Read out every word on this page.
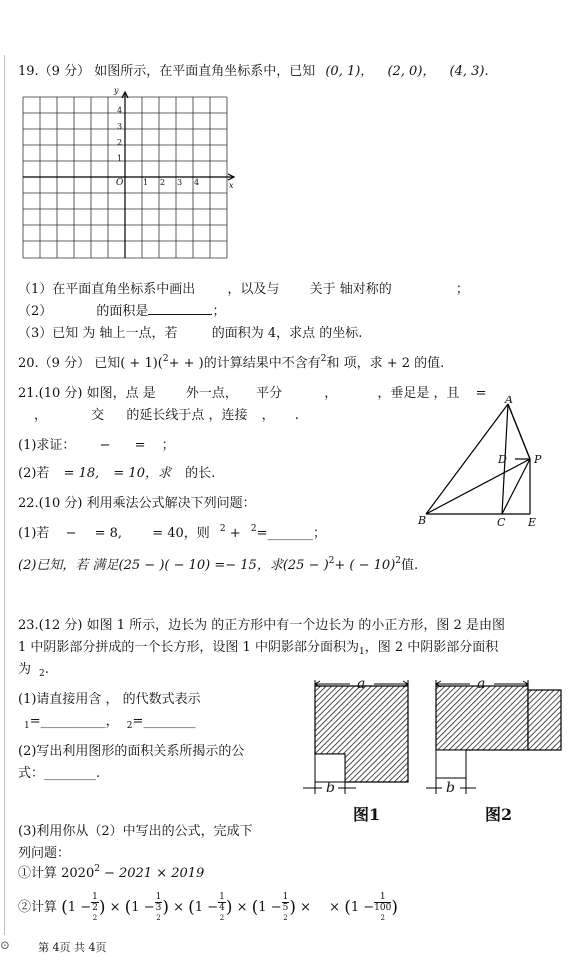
19.（9 分） 如图所示，在平面直角坐标系中，已知 (0, 1)， (2, 0)， (4, 3).
y
x
4
3
2
1
O 1 2 3 4
（1）在平面直角坐标系中画出 ，以及与 关于 轴对称的	；
（2）	的面积是	；
（3）已知 为 轴上一点，若	的面积为 4，求点 的坐标.
20.（9 分） 已知( + 1)($^2$+ + )的计算结果中不含有$^2$和 项，求 + 2 的值.
21.(10 分) 如图，点 是 外一点， 平分	，	，垂足是 ，且 =
，	交 的延长线于点 ，连接 ， .
(1)求证： − = ；
(2)若 = 18, = 10，求 的长.
A
D P
B	C E
22.(10 分) 利用乘法公式解决下列问题：
(1)若 − = 8, = 40，则 $^2$ + $^2$=_______；
(2)已知，若 满足(25 − )( − 10) =− 15，求$(25 - )^2+$ ( − 10)$^2$值.
23.(12 分) 如图 1 所示，边长为 的正方形中有一个边长为 的小正方形，图 2 是由图
1 中阴影部分拼成的一个长方形，设图 1 中阴影部分面积为$_1$，图 2 中阴影部分面积
为 $_2$.
(1)请直接用含 ， 的代数式表示
$_1$=__________， $_2$=________
(2)写出利用图形的面积关系所揭示的公
式：________.
(3)利用你从（2）中写出的公式，完成下
列问题：
①计算 $2020^2 - 2021 \times 2019$
②计算 (1 − 1
2
2 ) × (1 − 1
3
2 ) × (1 − 1
4
2 ) × (1 − 1
5
2 ) × × (1 − 1
100
2 )
a	a
b	b
图1	图2
⊙	第 4页 共 4页
